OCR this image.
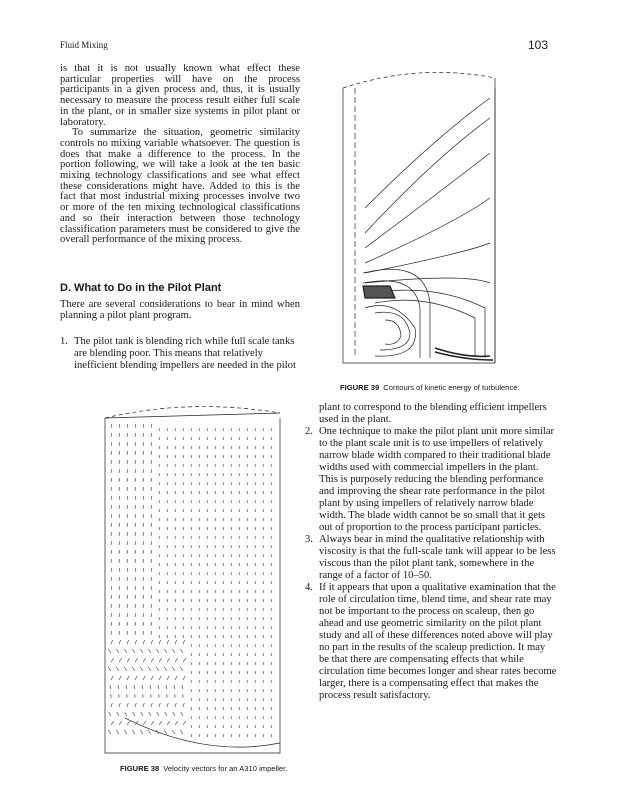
Fluid Mixing	103

is that it is not usually known what effect these particular properties will have on the process participants in a given process and, thus, it is usually necessary to measure the process result either full scale in the plant, or in smaller size systems in pilot plant or laboratory.

To summarize the situation, geometric similarity controls no mixing variable whatsoever. The question is does that make a difference to the process. In the portion following, we will take a look at the ten basic mixing technology classifications and see what effect these considerations might have. Added to this is the fact that most industrial mixing processes involve two or more of the ten mixing technological classifications and so their interaction between those technology classification parameters must be considered to give the overall performance of the mixing process.

D. What to Do in the Pilot Plant

There are several considerations to bear in mind when planning a pilot plant program.

1. The pilot tank is blending rich while full scale tanks are blending poor. This means that relatively inefficient blending impellers are needed in the pilot
FIGURE 39 Contours of kinetic energy of turbulence.
FIGURE 38 Velocity vectors for an A310 impeller.
plant to correspond to the blending efficient impellers used in the plant.
2. One technique to make the pilot plant unit more similar to the plant scale unit is to use impellers of relatively narrow blade width compared to their traditional blade widths used with commercial impellers in the plant. This is purposely reducing the blending performance and improving the shear rate performance in the pilot plant by using impellers of relatively narrow blade width. The blade width cannot be so small that it gets out of proportion to the process participant particles.
3. Always bear in mind the qualitative relationship with viscosity is that the full-scale tank will appear to be less viscous than the pilot plant tank, somewhere in the range of a factor of 10–50.
4. If it appears that upon a qualitative examination that the role of circulation time, blend time, and shear rate may not be important to the process on scaleup, then go ahead and use geometric similarity on the pilot plant study and all of these differences noted above will play no part in the results of the scaleup prediction. It may be that there are compensating effects that while circulation time becomes longer and shear rates become larger, there is a compensating effect that makes the process result satisfactory.
